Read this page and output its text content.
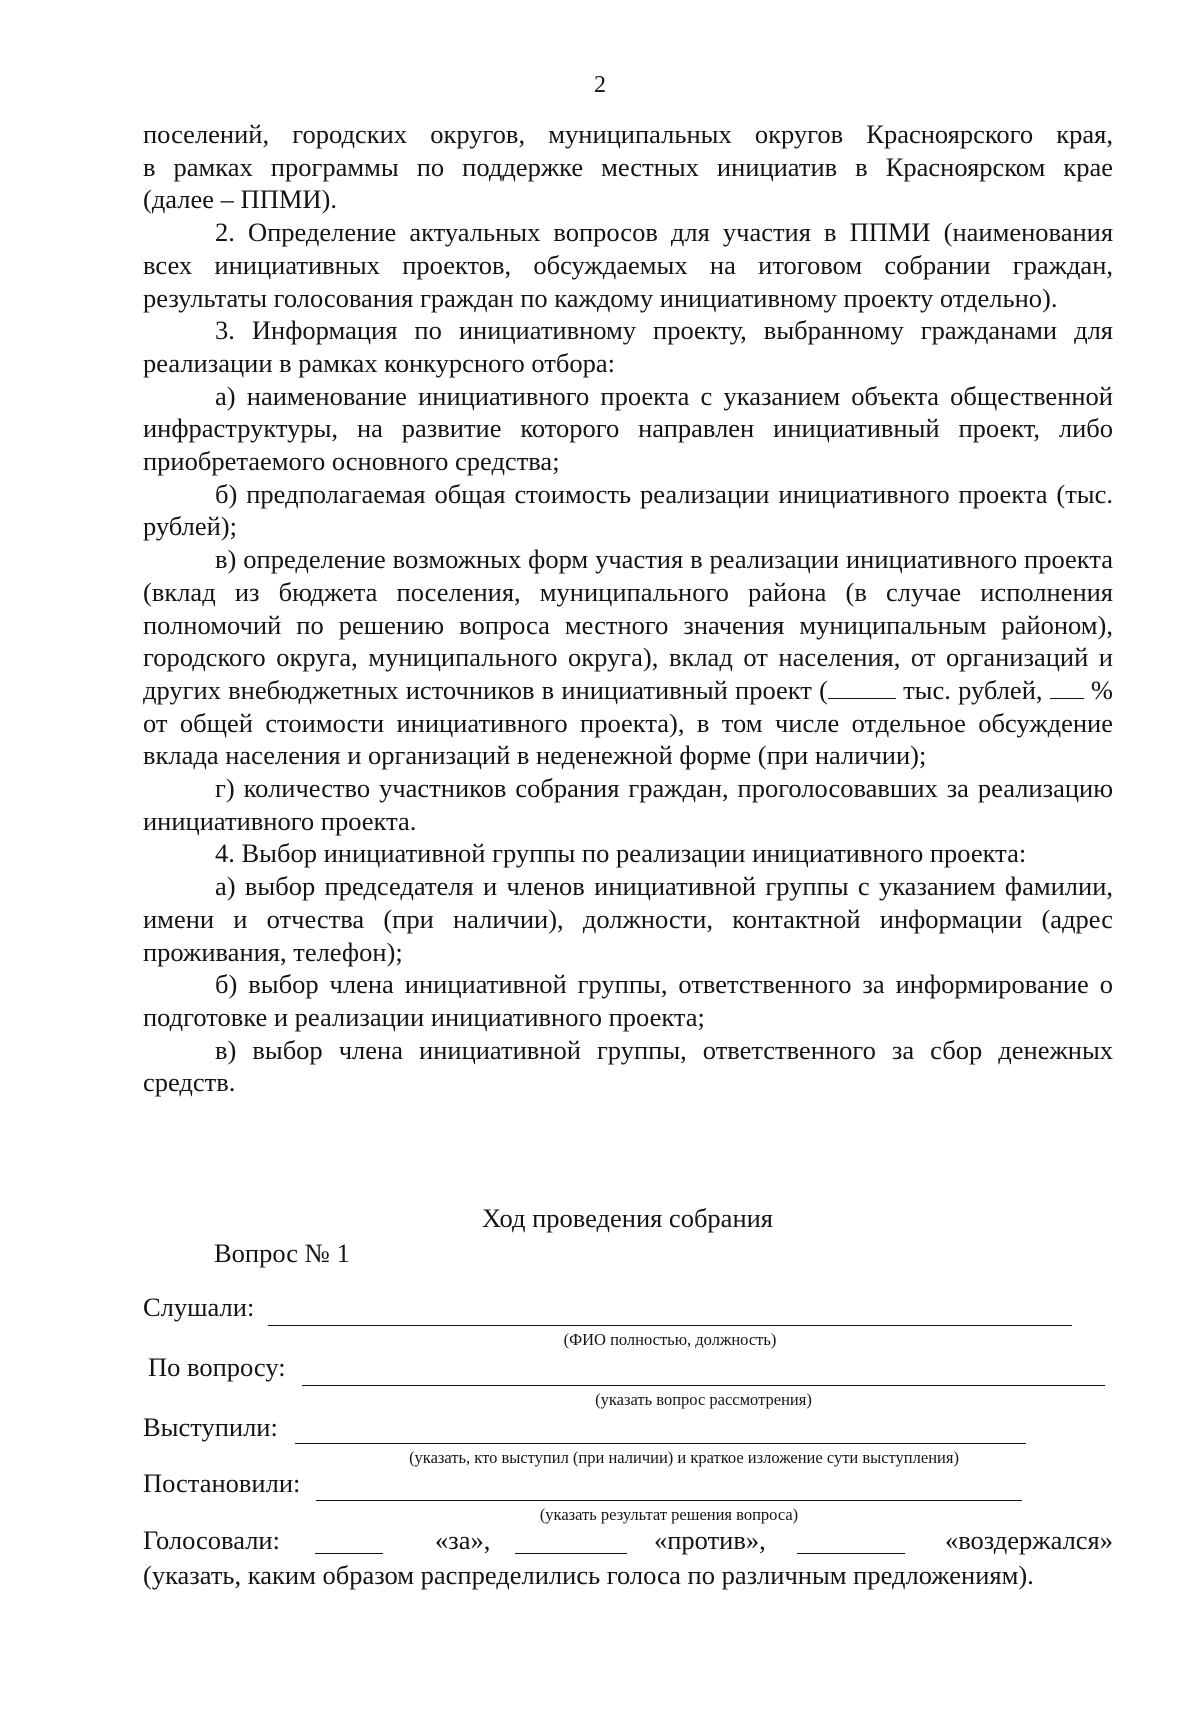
2

поселений, городских округов, муниципальных округов Красноярского края,

в рамках программы по поддержке местных инициатив в Красноярском крае

(далее – ППМИ).

2. Определение актуальных вопросов для участия в ППМИ (наименования всех инициативных проектов, обсуждаемых на итоговом собрании граждан, результаты голосования граждан по каждому инициативному проекту отдельно).

3. Информация по инициативному проекту, выбранному гражданами для реализации в рамках конкурсного отбора:

а) наименование инициативного проекта с указанием объекта общественной инфраструктуры, на развитие которого направлен инициативный проект, либо приобретаемого основного средства;

б) предполагаемая общая стоимость реализации инициативного проекта (тыс. рублей);

в) определение возможных форм участия в реализации инициативного проекта (вклад из бюджета поселения, муниципального района (в случае исполнения полномочий по решению вопроса местного значения муниципальным районом), городского округа, муниципального округа), вклад от населения, от организаций и других внебюджетных источников в инициативный проект (	тыс. рублей,  % от общей стоимости инициативного проекта), в том числе отдельное обсуждение вклада населения и организаций в неденежной форме (при наличии);

г) количество участников собрания граждан, проголосовавших за реализацию инициативного проекта.

4. Выбор инициативной группы по реализации инициативного проекта:

а) выбор председателя и членов инициативной группы с указанием фамилии, имени и отчества (при наличии), должности, контактной информации (адрес проживания, телефон);

б) выбор члена инициативной группы, ответственного за информирование о подготовке и реализации инициативного проекта;

в) выбор члена инициативной группы, ответственного за сбор денежных средств.

Ход проведения собрания
Вопрос № 1
Слушали:
(ФИО полностью, должность)
По вопросу:
(указать вопрос рассмотрения)
Выступили:
(указать, кто выступил (при наличии) и краткое изложение сути выступления)
Постановили:
(указать результат решения вопроса)
Голосовали:	«за»,	«против»,	«воздержался»
(указать, каким образом распределились голоса по различным предложениям).
